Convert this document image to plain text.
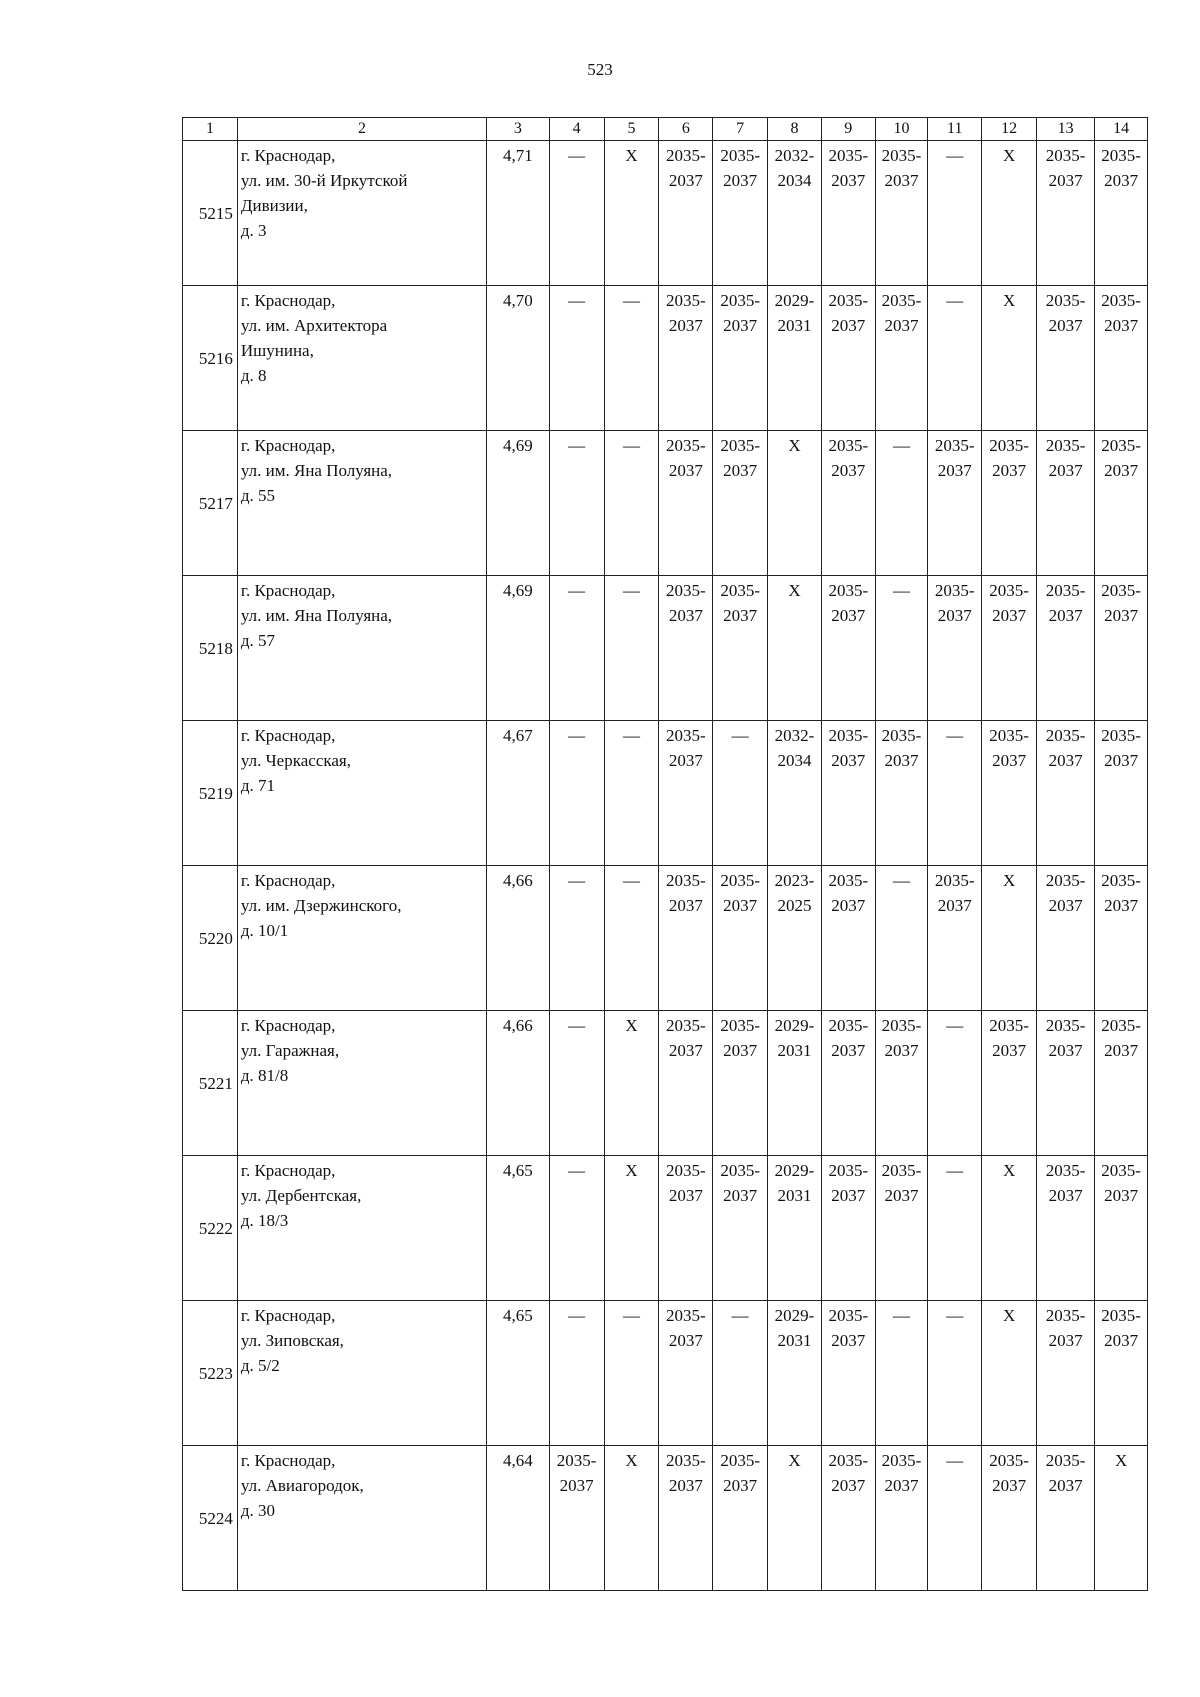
523
1	2	3	4	5	6	7	8	9	10	11	12	13	14
5215	г. Краснодар,
ул. им. 30-й Иркутской
Дивизии,
д. 3	4,71	—	X	2035-
2037	2035-
2037	2032-
2034	2035-
2037	2035-
2037	—	X	2035-
2037	2035-
2037

5216	г. Краснодар,
ул. им. Архитектора
Ишунина,
д. 8	4,70	—	—	2035-
2037	2035-
2037	2029-
2031	2035-
2037	2035-
2037	—	X	2035-
2037	2035-
2037

5217	г. Краснодар,
ул. им. Яна Полуяна,
д. 55	4,69	—	—	2035-
2037	2035-
2037	X	2035-
2037	—	2035-
2037	2035-
2037	2035-
2037	2035-
2037

5218	г. Краснодар,
ул. им. Яна Полуяна,
д. 57	4,69	—	—	2035-
2037	2035-
2037	X	2035-
2037	—	2035-
2037	2035-
2037	2035-
2037	2035-
2037

5219	г. Краснодар,
ул. Черкасская,
д. 71	4,67	—	—	2035-
2037	—	2032-
2034	2035-
2037	2035-
2037	—	2035-
2037	2035-
2037	2035-
2037

5220	г. Краснодар,
ул. им. Дзержинского,
д. 10/1	4,66	—	—	2035-
2037	2035-
2037	2023-
2025	2035-
2037	—	2035-
2037	X	2035-
2037	2035-
2037

5221	г. Краснодар,
ул. Гаражная,
д. 81/8	4,66	—	X	2035-
2037	2035-
2037	2029-
2031	2035-
2037	2035-
2037	—	2035-
2037	2035-
2037	2035-
2037

5222	г. Краснодар,
ул. Дербентская,
д. 18/3	4,65	—	X	2035-
2037	2035-
2037	2029-
2031	2035-
2037	2035-
2037	—	X	2035-
2037	2035-
2037

5223	г. Краснодар,
ул. Зиповская,
д. 5/2	4,65	—	—	2035-
2037	—	2029-
2031	2035-
2037	—	—	X	2035-
2037	2035-
2037

5224	г. Краснодар,
ул. Авиагородок,
д. 30	4,64	2035-
2037	X	2035-
2037	2035-
2037	X	2035-
2037	2035-
2037	—	2035-
2037	2035-
2037	X
